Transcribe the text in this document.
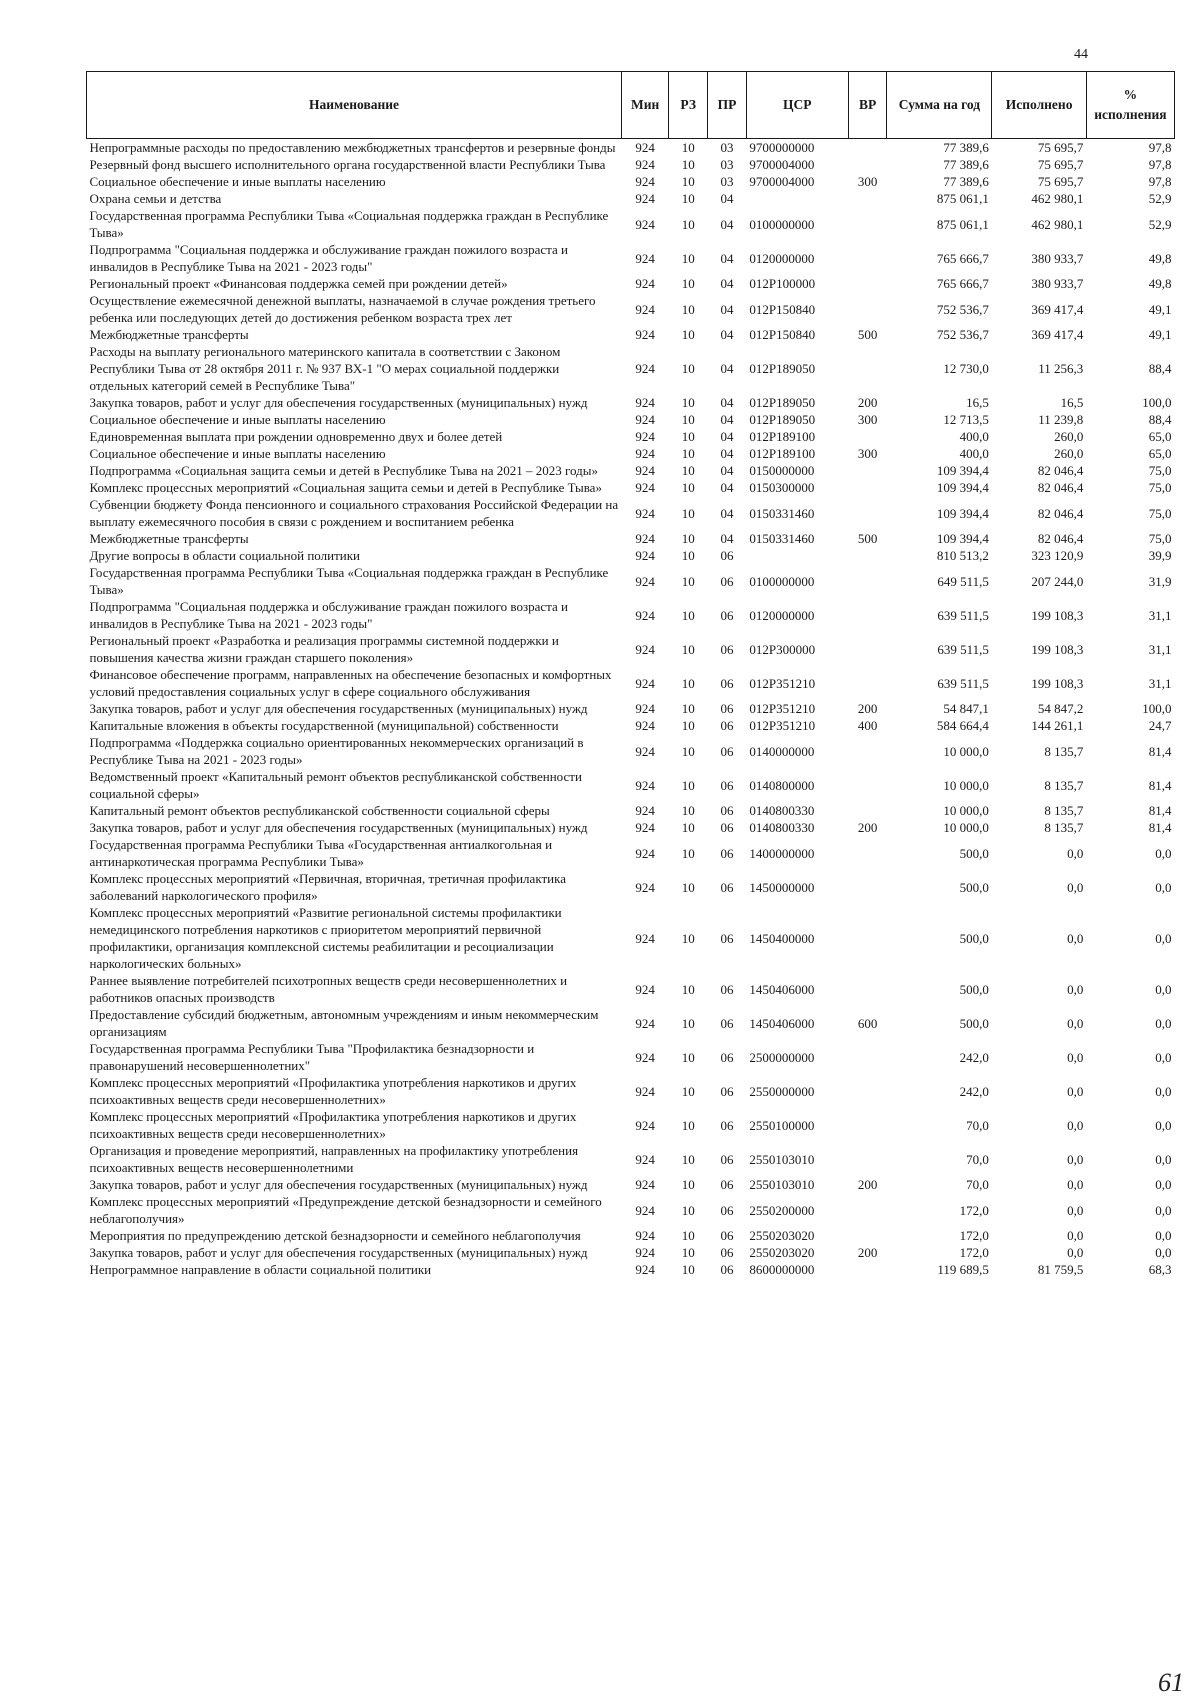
44
Наименование	Мин	РЗ	ПР	ЦСР	ВР	Сумма на год	Исполнено	% исполнения
Непрограммные расходы по предоставлению межбюджетных трансфертов и резервные фонды	924	10	03	9700000000		77 389,6	75 695,7	97,8
Резервный фонд высшего исполнительного органа государственной власти Республики Тыва	924	10	03	9700004000		77 389,6	75 695,7	97,8
Социальное обеспечение и иные выплаты населению	924	10	03	9700004000	300	77 389,6	75 695,7	97,8
Охрана семьи и детства	924	10	04			875 061,1	462 980,1	52,9
Государственная программа Республики Тыва «Социальная поддержка граждан в Республике Тыва»	924	10	04	0100000000		875 061,1	462 980,1	52,9
Подпрограмма "Социальная поддержка и обслуживание граждан пожилого возраста и инвалидов в Республике Тыва на 2021 - 2023 годы"	924	10	04	0120000000		765 666,7	380 933,7	49,8
Региональный проект «Финансовая поддержка семей при рождении детей»	924	10	04	012P100000		765 666,7	380 933,7	49,8
Осуществление ежемесячной денежной выплаты, назначаемой в случае рождения третьего ребенка или последующих детей до достижения ребенком возраста трех лет	924	10	04	012P150840		752 536,7	369 417,4	49,1
Межбюджетные трансферты	924	10	04	012P150840	500	752 536,7	369 417,4	49,1
Расходы на выплату регионального материнского капитала в соответствии с Законом Республики Тыва от 28 октября 2011 г. № 937 ВХ-1 "О мерах социальной поддержки отдельных категорий семей в Республике Тыва"	924	10	04	012P189050		12 730,0	11 256,3	88,4
Закупка товаров, работ и услуг для обеспечения государственных (муниципальных) нужд	924	10	04	012P189050	200	16,5	16,5	100,0
Социальное обеспечение и иные выплаты населению	924	10	04	012P189050	300	12 713,5	11 239,8	88,4
Единовременная выплата при рождении одновременно двух и более детей	924	10	04	012P189100		400,0	260,0	65,0
Социальное обеспечение и иные выплаты населению	924	10	04	012P189100	300	400,0	260,0	65,0
Подпрограмма «Социальная защита семьи и детей в Республике Тыва на 2021 – 2023 годы»	924	10	04	0150000000		109 394,4	82 046,4	75,0
Комплекс процессных мероприятий «Социальная защита семьи и детей в Республике Тыва»	924	10	04	0150300000		109 394,4	82 046,4	75,0
Субвенции бюджету Фонда пенсионного и социального страхования Российской Федерации на выплату ежемесячного пособия в связи с рождением и воспитанием ребенка	924	10	04	0150331460		109 394,4	82 046,4	75,0
Межбюджетные трансферты	924	10	04	0150331460	500	109 394,4	82 046,4	75,0
Другие вопросы в области социальной политики	924	10	06			810 513,2	323 120,9	39,9
Государственная программа Республики Тыва «Социальная поддержка граждан в Республике Тыва»	924	10	06	0100000000		649 511,5	207 244,0	31,9
Подпрограмма "Социальная поддержка и обслуживание граждан пожилого возраста и инвалидов в Республике Тыва на 2021 - 2023 годы"	924	10	06	0120000000		639 511,5	199 108,3	31,1
Региональный проект «Разработка и реализация программы системной поддержки и повышения качества жизни граждан старшего поколения»	924	10	06	012P300000		639 511,5	199 108,3	31,1
Финансовое обеспечение программ, направленных на обеспечение безопасных и комфортных условий предоставления социальных услуг в сфере социального обслуживания	924	10	06	012P351210		639 511,5	199 108,3	31,1
Закупка товаров, работ и услуг для обеспечения государственных (муниципальных) нужд	924	10	06	012P351210	200	54 847,1	54 847,2	100,0
Капитальные вложения в объекты государственной (муниципальной) собственности	924	10	06	012P351210	400	584 664,4	144 261,1	24,7
Подпрограмма «Поддержка социально ориентированных некоммерческих организаций в Республике Тыва на 2021 - 2023 годы»	924	10	06	0140000000		10 000,0	8 135,7	81,4
Ведомственный проект «Капитальный ремонт объектов республиканской собственности социальной сферы»	924	10	06	0140800000		10 000,0	8 135,7	81,4
Капитальный ремонт объектов республиканской собственности социальной сферы	924	10	06	0140800330		10 000,0	8 135,7	81,4
Закупка товаров, работ и услуг для обеспечения государственных (муниципальных) нужд	924	10	06	0140800330	200	10 000,0	8 135,7	81,4
Государственная программа Республики Тыва «Государственная антиалкогольная и антинаркотическая программа Республики Тыва»	924	10	06	1400000000		500,0	0,0	0,0
Комплекс процессных мероприятий «Первичная, вторичная, третичная профилактика заболеваний наркологического профиля»	924	10	06	1450000000		500,0	0,0	0,0
Комплекс процессных мероприятий «Развитие региональной системы профилактики немедицинского потребления наркотиков с приоритетом мероприятий первичной профилактики, организация комплексной системы реабилитации и ресоциализации наркологических больных»	924	10	06	1450400000		500,0	0,0	0,0
Раннее выявление потребителей психотропных веществ среди несовершеннолетних и работников опасных производств	924	10	06	1450406000		500,0	0,0	0,0
Предоставление субсидий бюджетным, автономным учреждениям и иным некоммерческим организациям	924	10	06	1450406000	600	500,0	0,0	0,0
Государственная программа Республики Тыва "Профилактика безнадзорности и правонарушений несовершеннолетних"	924	10	06	2500000000		242,0	0,0	0,0
Комплекс процессных мероприятий «Профилактика употребления наркотиков и других психоактивных веществ среди несовершеннолетних»	924	10	06	2550000000		242,0	0,0	0,0
Комплекс процессных мероприятий «Профилактика употребления наркотиков и других психоактивных веществ среди несовершеннолетних»	924	10	06	2550100000		70,0	0,0	0,0
Организация и проведение мероприятий, направленных на профилактику употребления психоактивных веществ несовершеннолетними	924	10	06	2550103010		70,0	0,0	0,0
Закупка товаров, работ и услуг для обеспечения государственных (муниципальных) нужд	924	10	06	2550103010	200	70,0	0,0	0,0
Комплекс процессных мероприятий «Предупреждение детской безнадзорности и семейного неблагополучия»	924	10	06	2550200000		172,0	0,0	0,0
Мероприятия по предупреждению детской безнадзорности и семейного неблагополучия	924	10	06	2550203020		172,0	0,0	0,0
Закупка товаров, работ и услуг для обеспечения государственных (муниципальных) нужд	924	10	06	2550203020	200	172,0	0,0	0,0
Непрограммное направление в области социальной политики	924	10	06	8600000000		119 689,5	81 759,5	68,3
61
